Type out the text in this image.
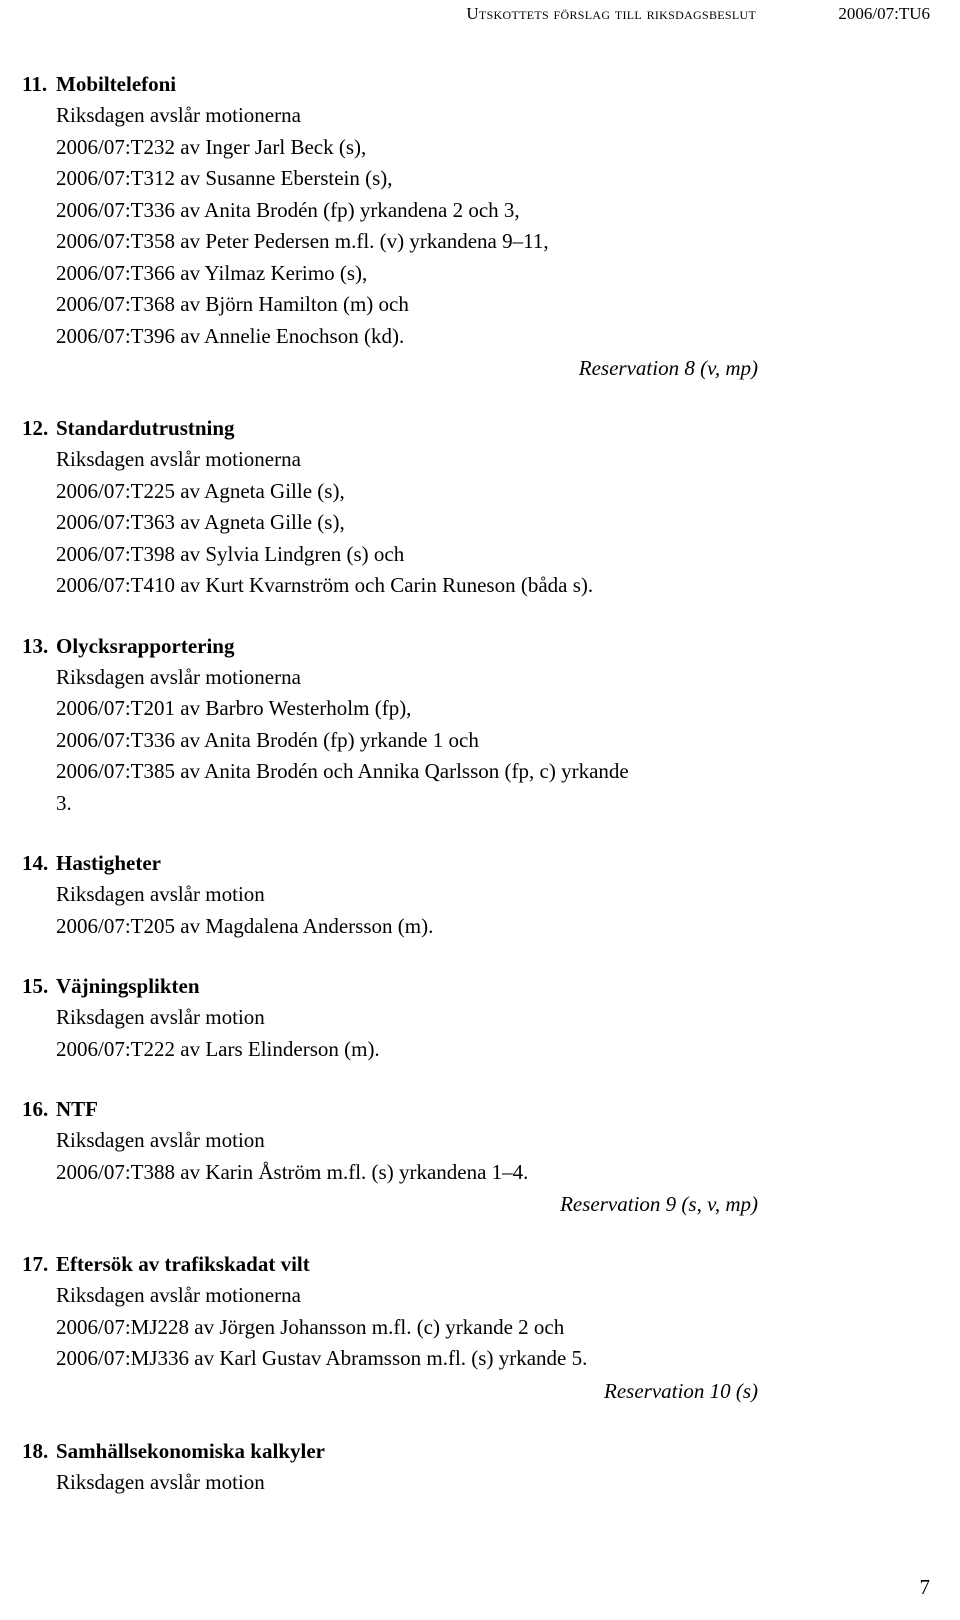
Utskottets förslag till riksdagsbeslut	2006/07:TU6
11. Mobiltelefoni
Riksdagen avslår motionerna
2006/07:T232 av Inger Jarl Beck (s),
2006/07:T312 av Susanne Eberstein (s),
2006/07:T336 av Anita Brodén (fp) yrkandena 2 och 3,
2006/07:T358 av Peter Pedersen m.fl. (v) yrkandena 9–11,
2006/07:T366 av Yilmaz Kerimo (s),
2006/07:T368 av Björn Hamilton (m) och
2006/07:T396 av Annelie Enochson (kd).
Reservation 8 (v, mp)
12. Standardutrustning
Riksdagen avslår motionerna
2006/07:T225 av Agneta Gille (s),
2006/07:T363 av Agneta Gille (s),
2006/07:T398 av Sylvia Lindgren (s) och
2006/07:T410 av Kurt Kvarnström och Carin Runeson (båda s).
13. Olycksrapportering
Riksdagen avslår motionerna
2006/07:T201 av Barbro Westerholm (fp),
2006/07:T336 av Anita Brodén (fp) yrkande 1 och
2006/07:T385 av Anita Brodén och Annika Qarlsson (fp, c) yrkande
3.
14. Hastigheter
Riksdagen avslår motion
2006/07:T205 av Magdalena Andersson (m).
15. Väjningsplikten
Riksdagen avslår motion
2006/07:T222 av Lars Elinderson (m).
16. NTF
Riksdagen avslår motion
2006/07:T388 av Karin Åström m.fl. (s) yrkandena 1–4.
Reservation 9 (s, v, mp)
17. Eftersök av trafikskadat vilt
Riksdagen avslår motionerna
2006/07:MJ228 av Jörgen Johansson m.fl. (c) yrkande 2 och
2006/07:MJ336 av Karl Gustav Abramsson m.fl. (s) yrkande 5.
Reservation 10 (s)
18. Samhällsekonomiska kalkyler
Riksdagen avslår motion
7
